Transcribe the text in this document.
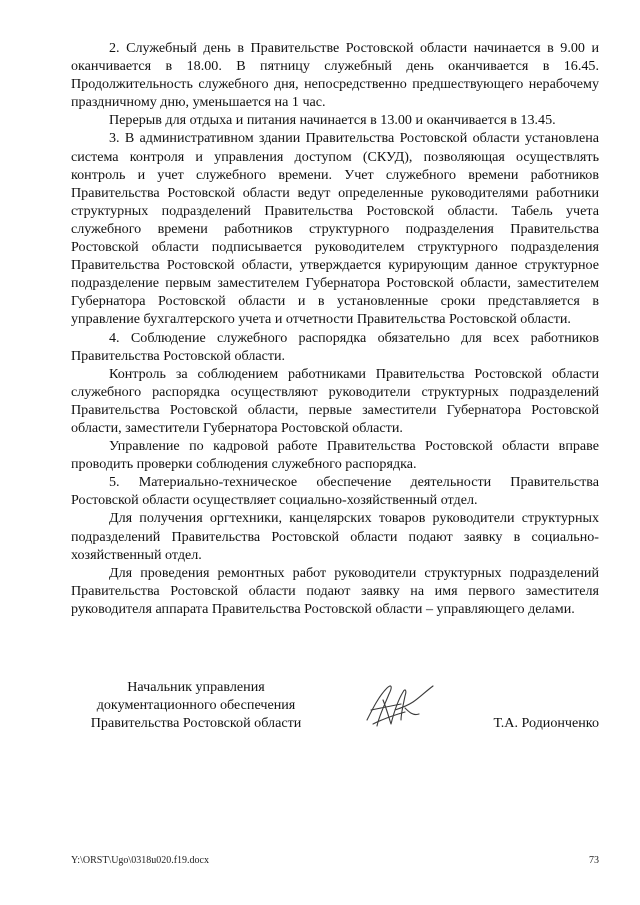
2. Служебный день в Правительстве Ростовской области начинается в 9.00 и оканчивается в 18.00. В пятницу служебный день оканчивается в 16.45. Продолжительность служебного дня, непосредственно предшествующего нерабочему праздничному дню, уменьшается на 1 час.

Перерыв для отдыха и питания начинается в 13.00 и оканчивается в 13.45.

3. В административном здании Правительства Ростовской области установлена система контроля и управления доступом (СКУД), позволяющая осуществлять контроль и учет служебного времени. Учет служебного времени работников Правительства Ростовской области ведут определенные руководителями работники структурных подразделений Правительства Ростовской области. Табель учета служебного времени работников структурного подразделения Правительства Ростовской области подписывается руководителем структурного подразделения Правительства Ростовской области, утверждается курирующим данное структурное подразделение первым заместителем Губернатора Ростовской области, заместителем Губернатора Ростовской области и в установленные сроки представляется в управление бухгалтерского учета и отчетности Правительства Ростовской области.

4. Соблюдение служебного распорядка обязательно для всех работников Правительства Ростовской области.

Контроль за соблюдением работниками Правительства Ростовской области служебного распорядка осуществляют руководители структурных подразделений Правительства Ростовской области, первые заместители Губернатора Ростовской области, заместители Губернатора Ростовской области.

Управление по кадровой работе Правительства Ростовской области вправе проводить проверки соблюдения служебного распорядка.

5. Материально-техническое обеспечение деятельности Правительства Ростовской области осуществляет социально-хозяйственный отдел.

Для получения оргтехники, канцелярских товаров руководители структурных подразделений Правительства Ростовской области подают заявку в социально-хозяйственный отдел.

Для проведения ремонтных работ руководители структурных подразделений Правительства Ростовской области подают заявку на имя первого заместителя руководителя аппарата Правительства Ростовской области – управляющего делами.

Начальник управления
документационного обеспечения
Правительства Ростовской области	Т.А. Родионченко
Y:\ORST\Ugo\0318u020.f19.docx	73
